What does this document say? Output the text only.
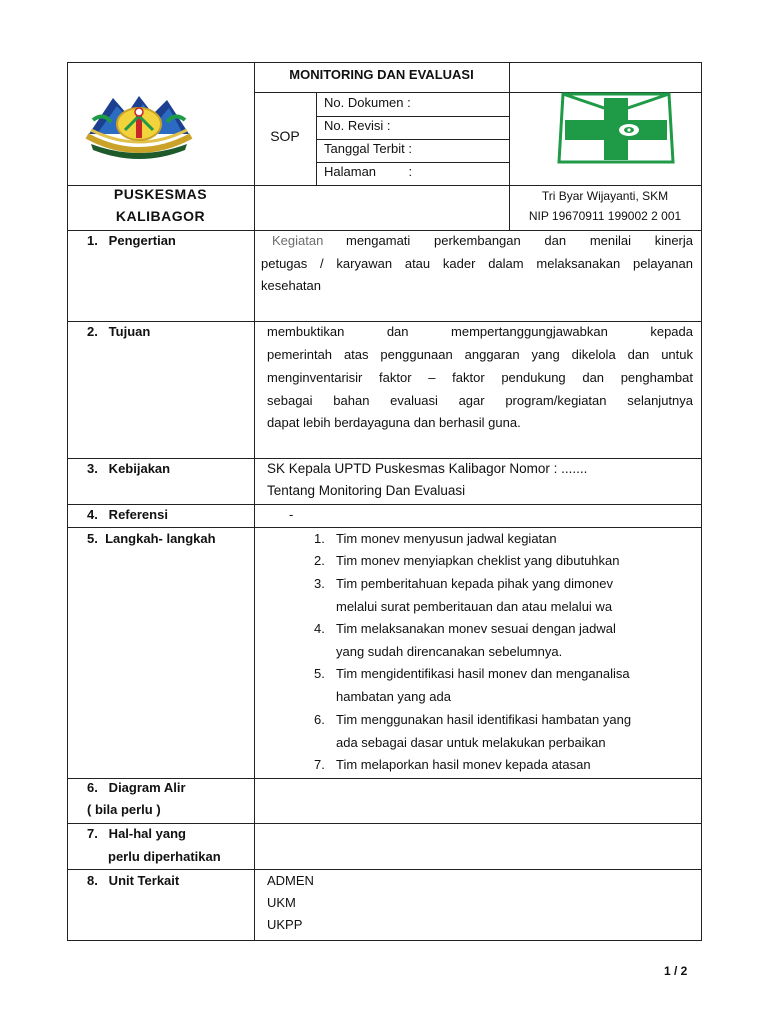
MONITORING DAN EVALUASI
SOP
No. Dokumen :
No. Revisi :
Tanggal Terbit :
Halaman         :
PUSKESMAS
KALIBAGOR
Tri Byar Wijayanti, SKM
NIP 19670911 199002 2 001
1.   Pengertian	Kegiatan mengamati perkembangan dan menilai kinerja
petugas / karyawan atau kader dalam melaksanakan pelayanan
kesehatan
2.   Tujuan	membuktikan dan mempertanggungjawabkan kepada
pemerintah atas penggunaan anggaran yang dikelola dan untuk
menginventarisir faktor – faktor pendukung dan penghambat
sebagai bahan evaluasi agar program/kegiatan selanjutnya
dapat lebih berdayaguna dan berhasil guna.
3.   Kebijakan	SK Kepala UPTD Puskesmas Kalibagor Nomor : .......
Tentang Monitoring Dan Evaluasi
4.   Referensi	-
5.  Langkah- langkah	1. Tim monev menyusun jadwal kegiatan
2. Tim monev menyiapkan cheklist yang dibutuhkan
3. Tim pemberitahuan kepada pihak yang dimonev
melalui surat pemberitauan dan atau melalui wa
4. Tim melaksanakan monev sesuai dengan jadwal
yang sudah direncanakan sebelumnya.
5. Tim mengidentifikasi hasil monev dan menganalisa
hambatan yang ada
6. Tim menggunakan hasil identifikasi hambatan yang
ada sebagai dasar untuk melakukan perbaikan
7. Tim melaporkan hasil monev kepada atasan
6.   Diagram Alir
( bila perlu )
7.   Hal-hal yang
perlu diperhatikan
8.   Unit Terkait	ADMEN
UKM
UKPP
1 / 2
